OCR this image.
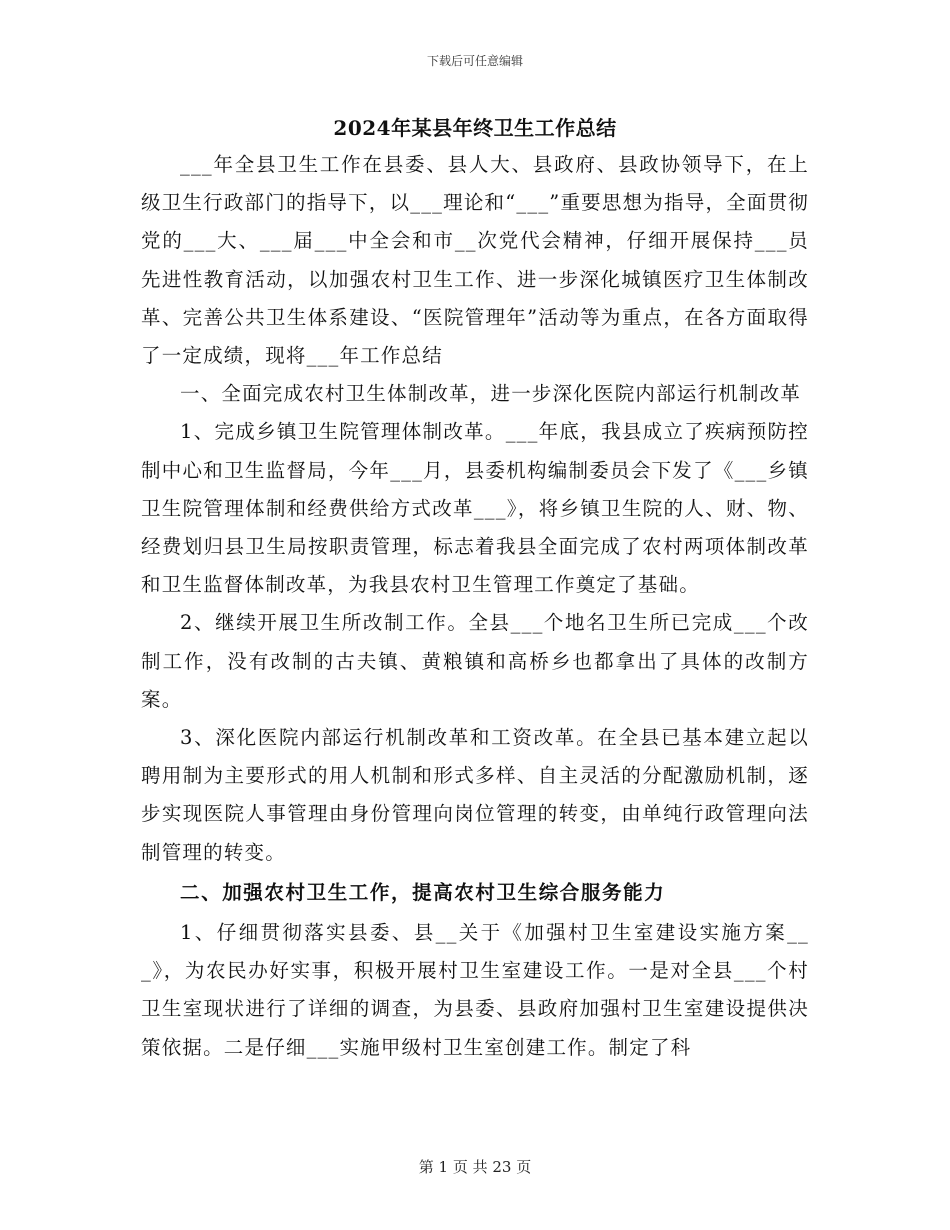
下载后可任意编辑
2024年某县年终卫生工作总结

___年全县卫生工作在县委、县人大、县政府、县政协领导下，在上级卫生行政部门的指导下，以___理论和“___”重要思想为指导，全面贯彻党的___大、___届___中全会和市__次党代会精神，仔细开展保持___员先进性教育活动，以加强农村卫生工作、进一步深化城镇医疗卫生体制改革、完善公共卫生体系建设、“医院管理年”活动等为重点，在各方面取得了一定成绩，现将___年工作总结

一、全面完成农村卫生体制改革，进一步深化医院内部运行机制改革

1、完成乡镇卫生院管理体制改革。___年底，我县成立了疾病预防控制中心和卫生监督局，今年___月，县委机构编制委员会下发了《___乡镇卫生院管理体制和经费供给方式改革___》，将乡镇卫生院的人、财、物、经费划归县卫生局按职责管理，标志着我县全面完成了农村两项体制改革和卫生监督体制改革，为我县农村卫生管理工作奠定了基础。

2、继续开展卫生所改制工作。全县___个地名卫生所已完成___个改制工作，没有改制的古夫镇、黄粮镇和高桥乡也都拿出了具体的改制方案。

3、深化医院内部运行机制改革和工资改革。在全县已基本建立起以聘用制为主要形式的用人机制和形式多样、自主灵活的分配激励机制，逐步实现医院人事管理由身份管理向岗位管理的转变，由单纯行政管理向法制管理的转变。

二、加强农村卫生工作，提高农村卫生综合服务能力

1、仔细贯彻落实县委、县__关于《加强村卫生室建设实施方案___》，为农民办好实事，积极开展村卫生室建设工作。一是对全县___个村卫生室现状进行了详细的调查，为县委、县政府加强村卫生室建设提供决策依据。二是仔细___实施甲级村卫生室创建工作。制定了科

第 1 页 共 23 页
